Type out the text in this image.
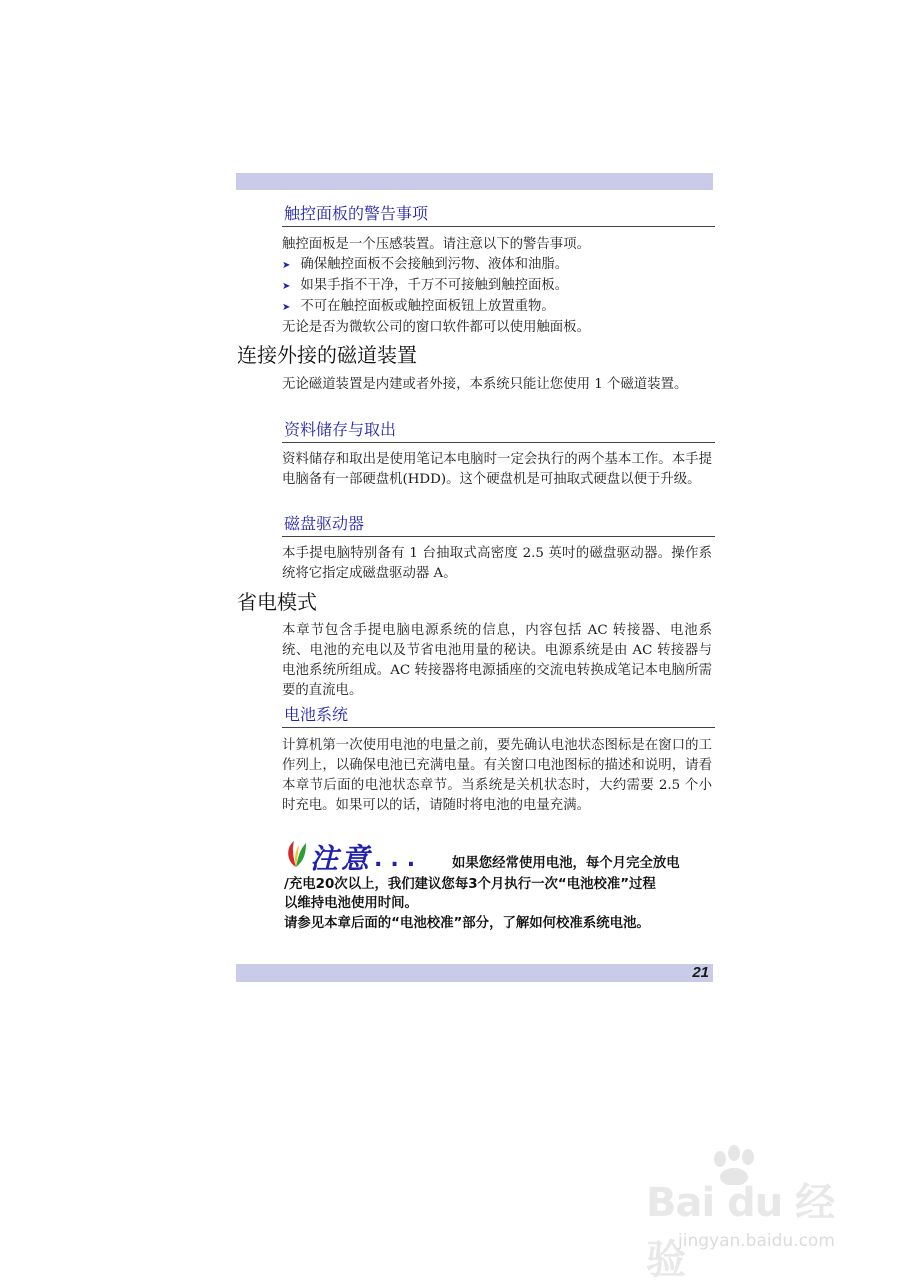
触控面板的警告事项

触控面板是一个压感装置。请注意以下的警告事项。

➤ 确保触控面板不会接触到污物、液体和油脂。
➤ 如果手指不干净，千万不可接触到触控面板。
➤ 不可在触控面板或触控面板钮上放置重物。

无论是否为微软公司的窗口软件都可以使用触面板。

连接外接的磁道装置

无论磁道装置是内建或者外接，本系统只能让您使用 1 个磁道装置。

资料储存与取出

资料储存和取出是使用笔记本电脑时一定会执行的两个基本工作。本手提电脑备有一部硬盘机(HDD)。这个硬盘机是可抽取式硬盘以便于升级。

磁盘驱动器

本手提电脑特别备有 1 台抽取式高密度 2.5 英吋的磁盘驱动器。操作系统将它指定成磁盘驱动器 A。

省电模式

本章节包含手提电脑电源系统的信息，内容包括 AC 转接器、电池系统、电池的充电以及节省电池用量的秘诀。电源系统是由 AC 转接器与电池系统所组成。AC 转接器将电源插座的交流电转换成笔记本电脑所需要的直流电。

电池系统

计算机第一次使用电池的电量之前，要先确认电池状态图标是在窗口的工作列上，以确保电池已充满电量。有关窗口电池图标的描述和说明，请看本章节后面的电池状态章节。当系统是关机状态时，大约需要 2.5 个小时充电。如果可以的话，请随时将电池的电量充满。

注意 ... 如果您经常使用电池，每个月完全放电
/充电20次以上，我们建议您每3个月执行一次“电池校准”过程
以维持电池使用时间。
请参见本章后面的“电池校准”部分，了解如何校准系统电池。
21
Bai du 经验
jingyan.baidu.com
